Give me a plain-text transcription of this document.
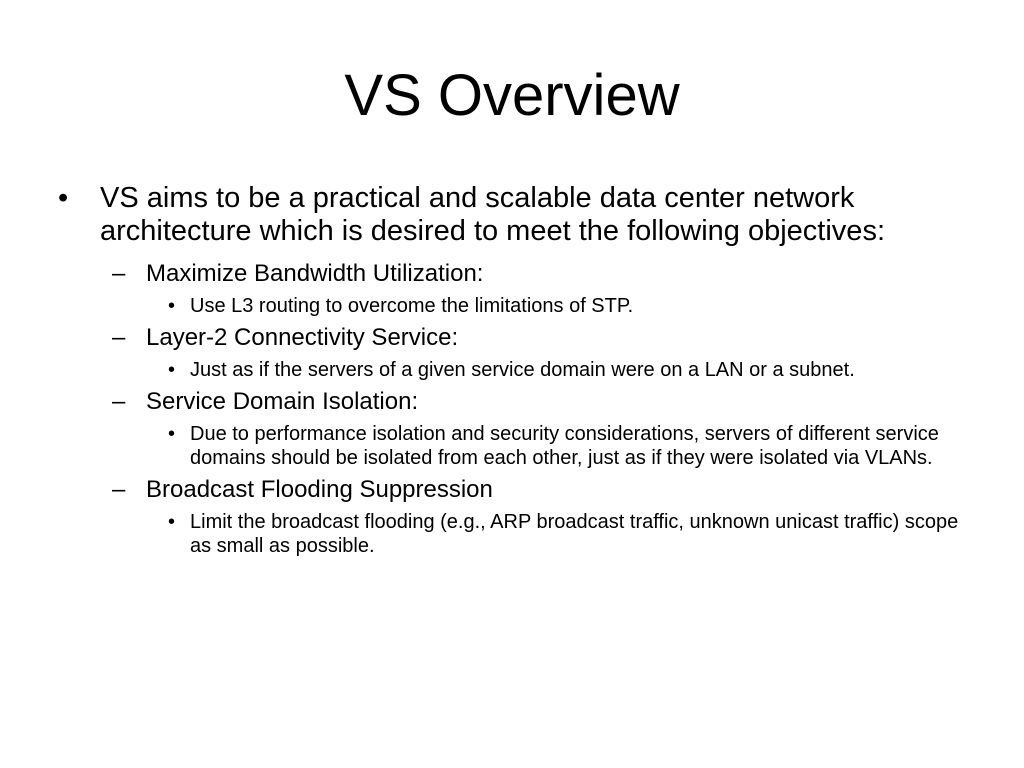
VS Overview
• VS aims to be a practical and scalable data center network architecture which is desired to meet the following objectives:
– Maximize Bandwidth Utilization:
• Use L3 routing to overcome the limitations of STP.
– Layer-2 Connectivity Service:
• Just as if the servers of a given service domain were on a LAN or a subnet.
– Service Domain Isolation:
• Due to performance isolation and security considerations, servers of different service domains should be isolated from each other, just as if they were isolated via VLANs.
– Broadcast Flooding Suppression
• Limit the broadcast flooding (e.g., ARP broadcast traffic, unknown unicast traffic) scope as small as possible.
